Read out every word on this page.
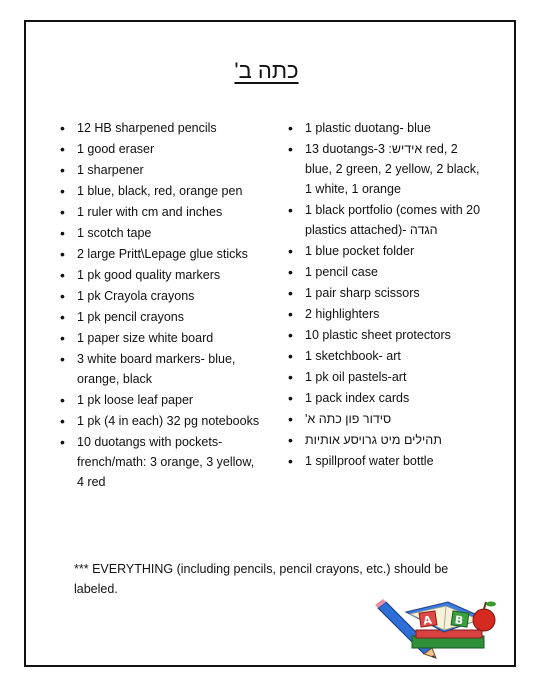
כתה ב'
• 12 HB sharpened pencils
• 1 good eraser
• 1 sharpener
• 1 blue, black, red, orange pen
• 1 ruler with cm and inches
• 1 scotch tape
• 2 large Pritt\Lepage glue sticks
• 1 pk good quality markers
• 1 pk Crayola crayons
• 1 pk pencil crayons
• 1 paper size white board
• 3 white board markers- blue, orange, black
• 1 pk loose leaf paper
• 1 pk (4 in each) 32 pg notebooks
• 10 duotangs with pockets- french/math: 3 orange, 3 yellow, 4 red
• 1 plastic duotang- blue
• 13 duotangs-אידיש: 3 red, 2 blue, 2 green, 2 yellow, 2 black, 1 white, 1 orange
• 1 black portfolio (comes with 20 plastics attached)- הגדה
• 1 blue pocket folder
• 1 pencil case
• 1 pair sharp scissors
• 2 highlighters
• 10 plastic sheet protectors
• 1 sketchbook- art
• 1 pk oil pastels-art
• 1 pack index cards
• סידור פון כתה א'
• תהילים מיט גרויסע אותיות
• 1 spillproof water bottle
*** EVERYTHING (including pencils, pencil crayons, etc.) should be labeled.
A B
